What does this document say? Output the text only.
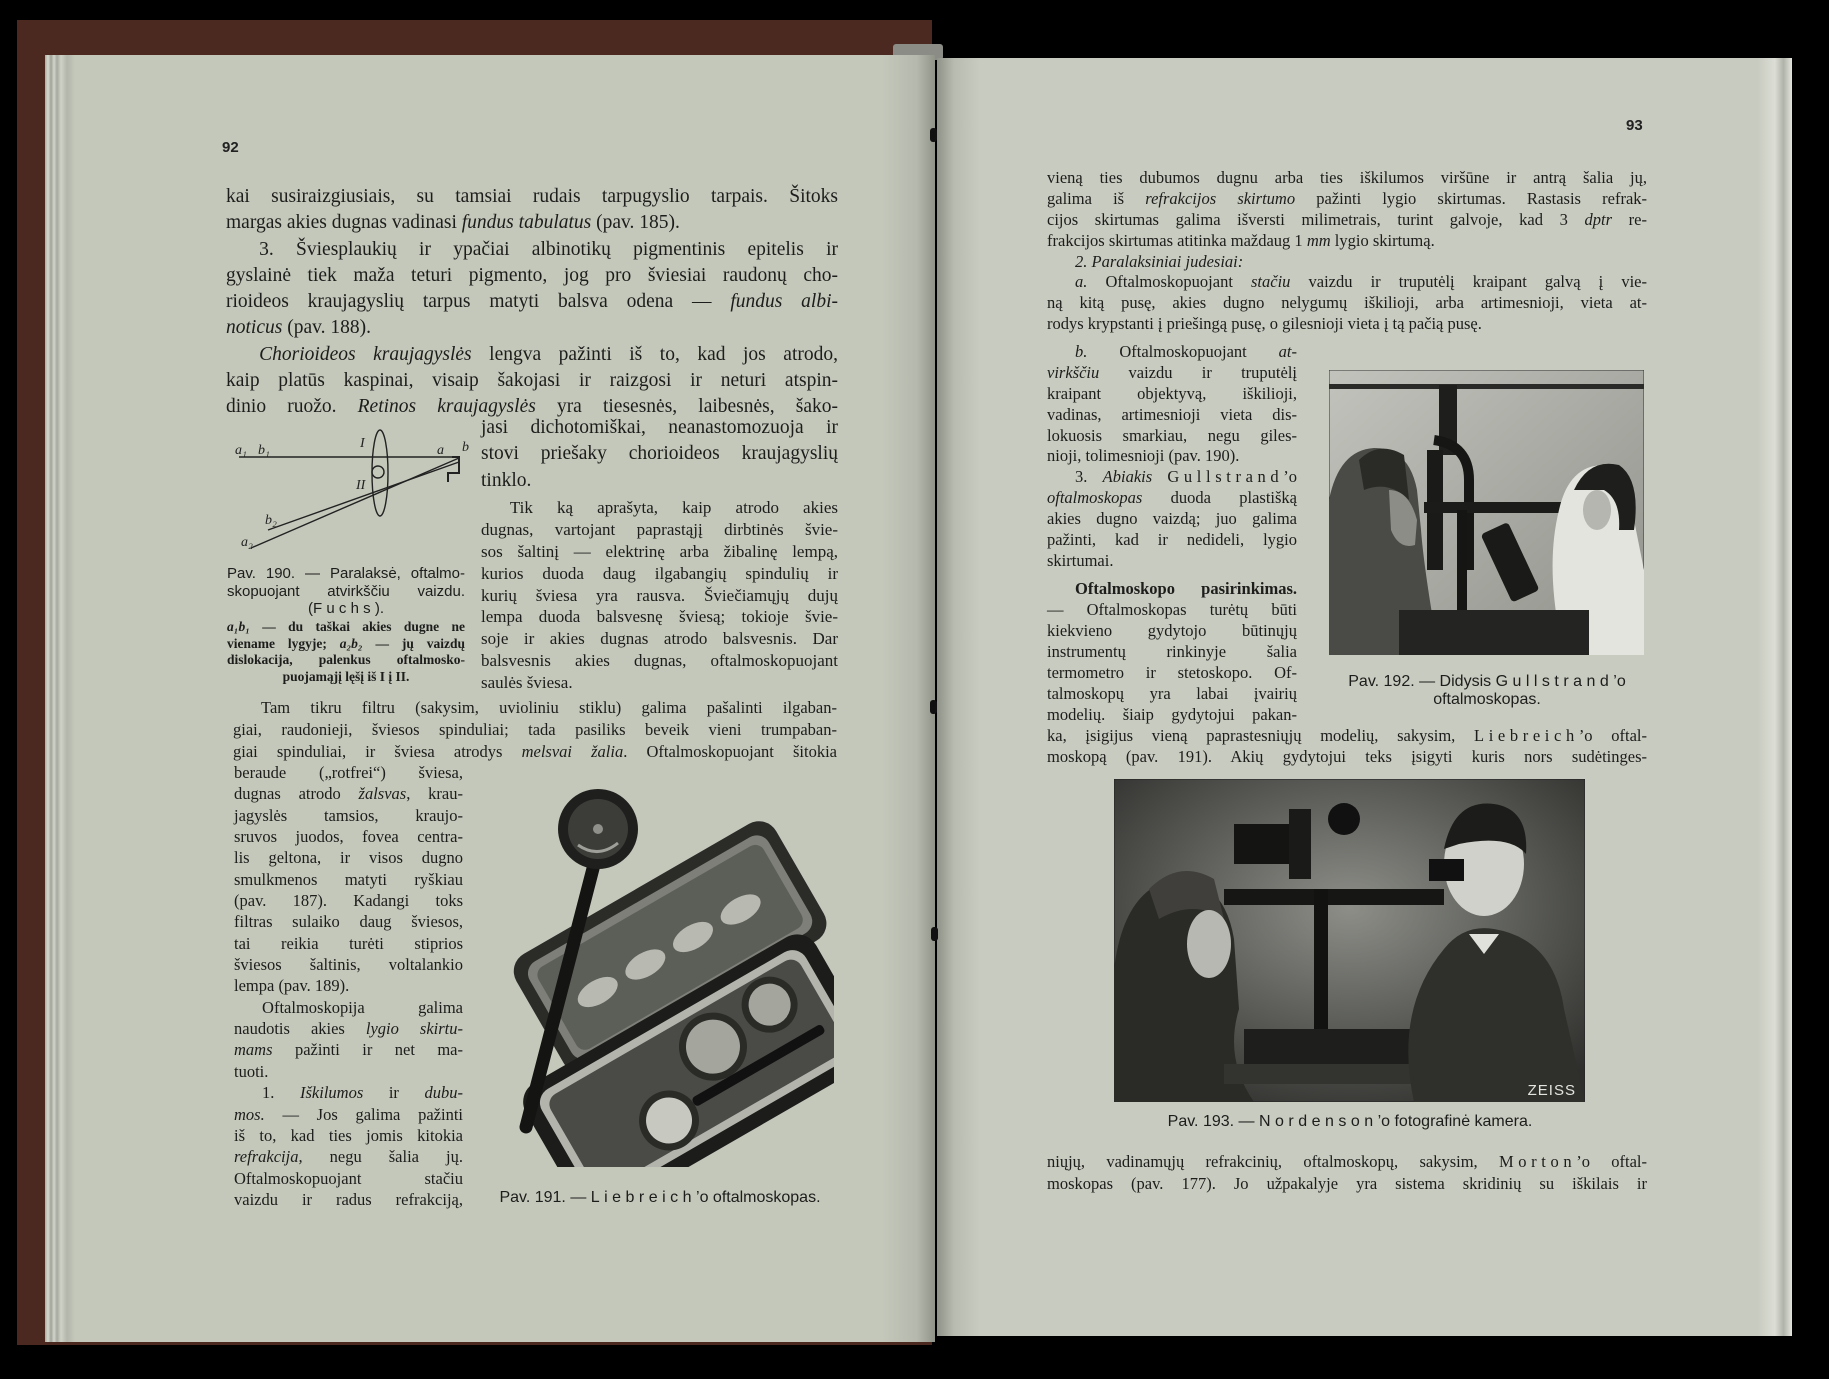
92
kai susiraizgiusiais, su tamsiai rudais tarpugyslio tarpais. Šitoks
margas akies dugnas vadinasi fundus tabulatus (pav. 185).
3. Šviesplaukių ir ypačiai albinotikų pigmentinis epitelis ir
gyslainė tiek maža teturi pigmento, jog pro šviesiai raudonų cho-
rioideos kraujagyslių tarpus matyti balsva odena — fundus albi-
noticus (pav. 188).
Chorioideos kraujagyslės lengva pažinti iš to, kad jos atrodo,
kaip platūs kaspinai, visaip šakojasi ir raizgosi ir neturi atspin-
dinio ruožo. Retinos kraujagyslės yra tiesesnės, laibesnės, šako-
jasi dichotomiškai, neanastomozuoja ir
stovi priešaky chorioideos kraujagyslių
tinklo.
Tik ką aprašyta, kaip atrodo akies
dugnas, vartojant paprastąjį dirbtinės švie-
sos šaltinį — elektrinę arba žibalinę lempą,
kurios duoda daug ilgabangių spindulių ir
kurių šviesa yra rausva. Šviečiamųjų dujų
lempa duoda balsvesnę šviesą; tokioje švie-
soje ir akies dugnas atrodo balsvesnis. Dar
balsvesnis akies dugnas, oftalmoskopuojant
saulės šviesa.
Tam tikru filtru (sakysim, uvioliniu stiklu) galima pašalinti ilgaban-
giai, raudonieji, šviesos spinduliai; tada pasiliks beveik vieni trumpaban-
giai spinduliai, ir šviesa atrodys melsvai žalia. Oftalmoskopuojant šitokia
beraude („rotfrei“) šviesa,
dugnas atrodo žalsvas, krau-
jagyslės tamsios, kraujo-
sruvos juodos, fovea centra-
lis geltona, ir visos dugno
smulkmenos matyti ryškiau
(pav. 187). Kadangi toks
filtras sulaiko daug šviesos,
tai reikia turėti stiprios
šviesos šaltinis, voltalankio
lempa (pav. 189).
Oftalmoskopija galima
naudotis akies lygio skirtu-
mams pažinti ir net ma-
tuoti.
1. Iškilumos ir dubu-
mos. — Jos galima pažinti
iš to, kad ties jomis kitokia
refrakcija, negu šalia jų.
Oftalmoskopuojant stačiu
vaizdu ir radus refrakciją,
a₁ b₁	I
II
a b
b₂
a₂
Pav. 190. — Paralaksė, oftalmo-
skopuojant atvirkščiu vaizdu.
(Fuchs).
a₁b₁ — du taškai akies dugne ne
viename lygyje; a₂b₂ — jų vaizdų
dislokacija, palenkus oftalmosko-
puojamąjį lęšį iš I į II.
Pav. 191. — Liebreich’o oftalmoskopas.
93
vieną ties dubumos dugnu arba ties iškilumos viršūne ir antrą šalia jų,
galima iš refrakcijos skirtumo pažinti lygio skirtumas. Rastasis refrak-
cijos skirtumas galima išversti milimetrais, turint galvoje, kad 3 dptr re-
frakcijos skirtumas atitinka maždaug 1 mm lygio skirtumą.
2. Paralaksiniai judesiai:
a. Oftalmoskopuojant stačiu vaizdu ir truputėlį kraipant galvą į vie-
ną kitą pusę, akies dugno nelygumų iškilioji, arba artimesnioji, vieta at-
rodys krypstanti į priešingą pusę, o gilesnioji vieta į tą pačią pusę.
b. Oftalmoskopuojant at-
virkščiu vaizdu ir truputėlį
kraipant objektyvą, iškilioji,
vadinas, artimesnioji vieta dis-
lokuosis smarkiau, negu giles-
nioji, tolimesnioji (pav. 190).
3. Abiakis Gullstrand’o
oftalmoskopas duoda plastišką
akies dugno vaizdą; juo galima
pažinti, kad ir nedideli, lygio
skirtumai.
Oftalmoskopo pasirinkimas.
— Oftalmoskopas turėtų būti
kiekvieno gydytojo būtinųjų
instrumentų rinkinyje šalia
termometro ir stetoskopo. Of-
talmoskopų yra labai įvairių
modelių. šiaip gydytojui pakan-
ka, įsigijus vieną paprastesniųjų modelių, sakysim, Liebreich’o oftal-
moskopą (pav. 191). Akių gydytojui teks įsigyti kuris nors sudėtinges-
niųjų, vadinamųjų refrakcinių, oftalmoskopų, sakysim, Morton’o oftal-
moskopas (pav. 177). Jo užpakalyje yra sistema skridinių su iškilais ir
Pav. 192. — Didysis Gullstrand’o
oftalmoskopas.
ZEISS
Pav. 193. — Nordenson’o fotografinė kamera.
